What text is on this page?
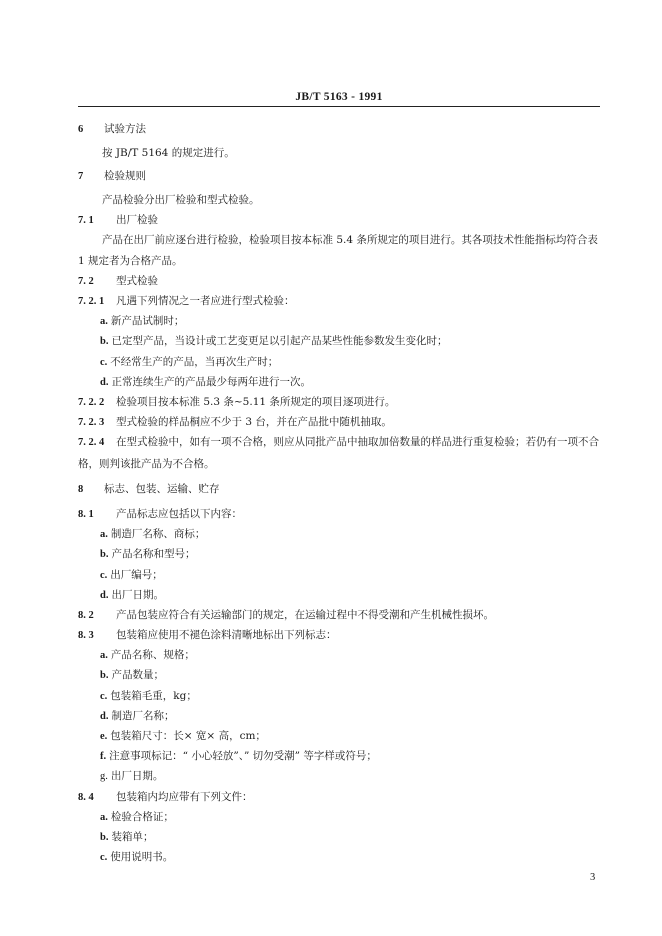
JB/T 5163 - 1991
6 试验方法
按 JB/T 5164 的规定进行。
7 检验规则
产品检验分出厂检验和型式检验。
7. 1 出厂检验
产品在出厂前应逐台进行检验，检验项目按本标准 5.4 条所规定的项目进行。其各项技术性能指标均符合表 1 规定者为合格产品。
7. 2 型式检验
7. 2. 1 凡遇下列情况之一者应进行型式检验：
a. 新产品试制时；
b. 已定型产品，当设计或工艺变更足以引起产品某些性能参数发生变化时；
c. 不经常生产的产品，当再次生产时；
d. 正常连续生产的产品最少每两年进行一次。
7. 2. 2 检验项目按本标准 5.3 条~5.11 条所规定的项目逐项进行。
7. 2. 3 型式检验的样品桐应不少于 3 台，并在产品批中随机抽取。
7. 2. 4 在型式检验中，如有一项不合格，则应从同批产品中抽取加倍数量的样品进行重复检验；若仍有一项不合格，则判该批产品为不合格。
8 标志、包装、运输、贮存
8. 1 产品标志应包括以下内容：
a. 制造厂名称、商标；
b. 产品名称和型号；
c. 出厂编号；
d. 出厂日期。
8. 2 产品包装应符合有关运输部门的规定，在运输过程中不得受潮和产生机械性损坏。
8. 3 包装箱应使用不褪色涂料清晰地标出下列标志：
a. 产品名称、规格；
b. 产品数量；
c. 包装箱毛重，kg；
d. 制造厂名称；
e. 包装箱尺寸：长× 宽× 高，cm；
f. 注意事项标记：“ 小心轻放”、” 切勿受潮” 等字样或符号；
g. 出厂日期。
8. 4 包装箱内均应带有下列文件：
a. 检验合格证；
b. 装箱单；
c. 使用说明书。
3
